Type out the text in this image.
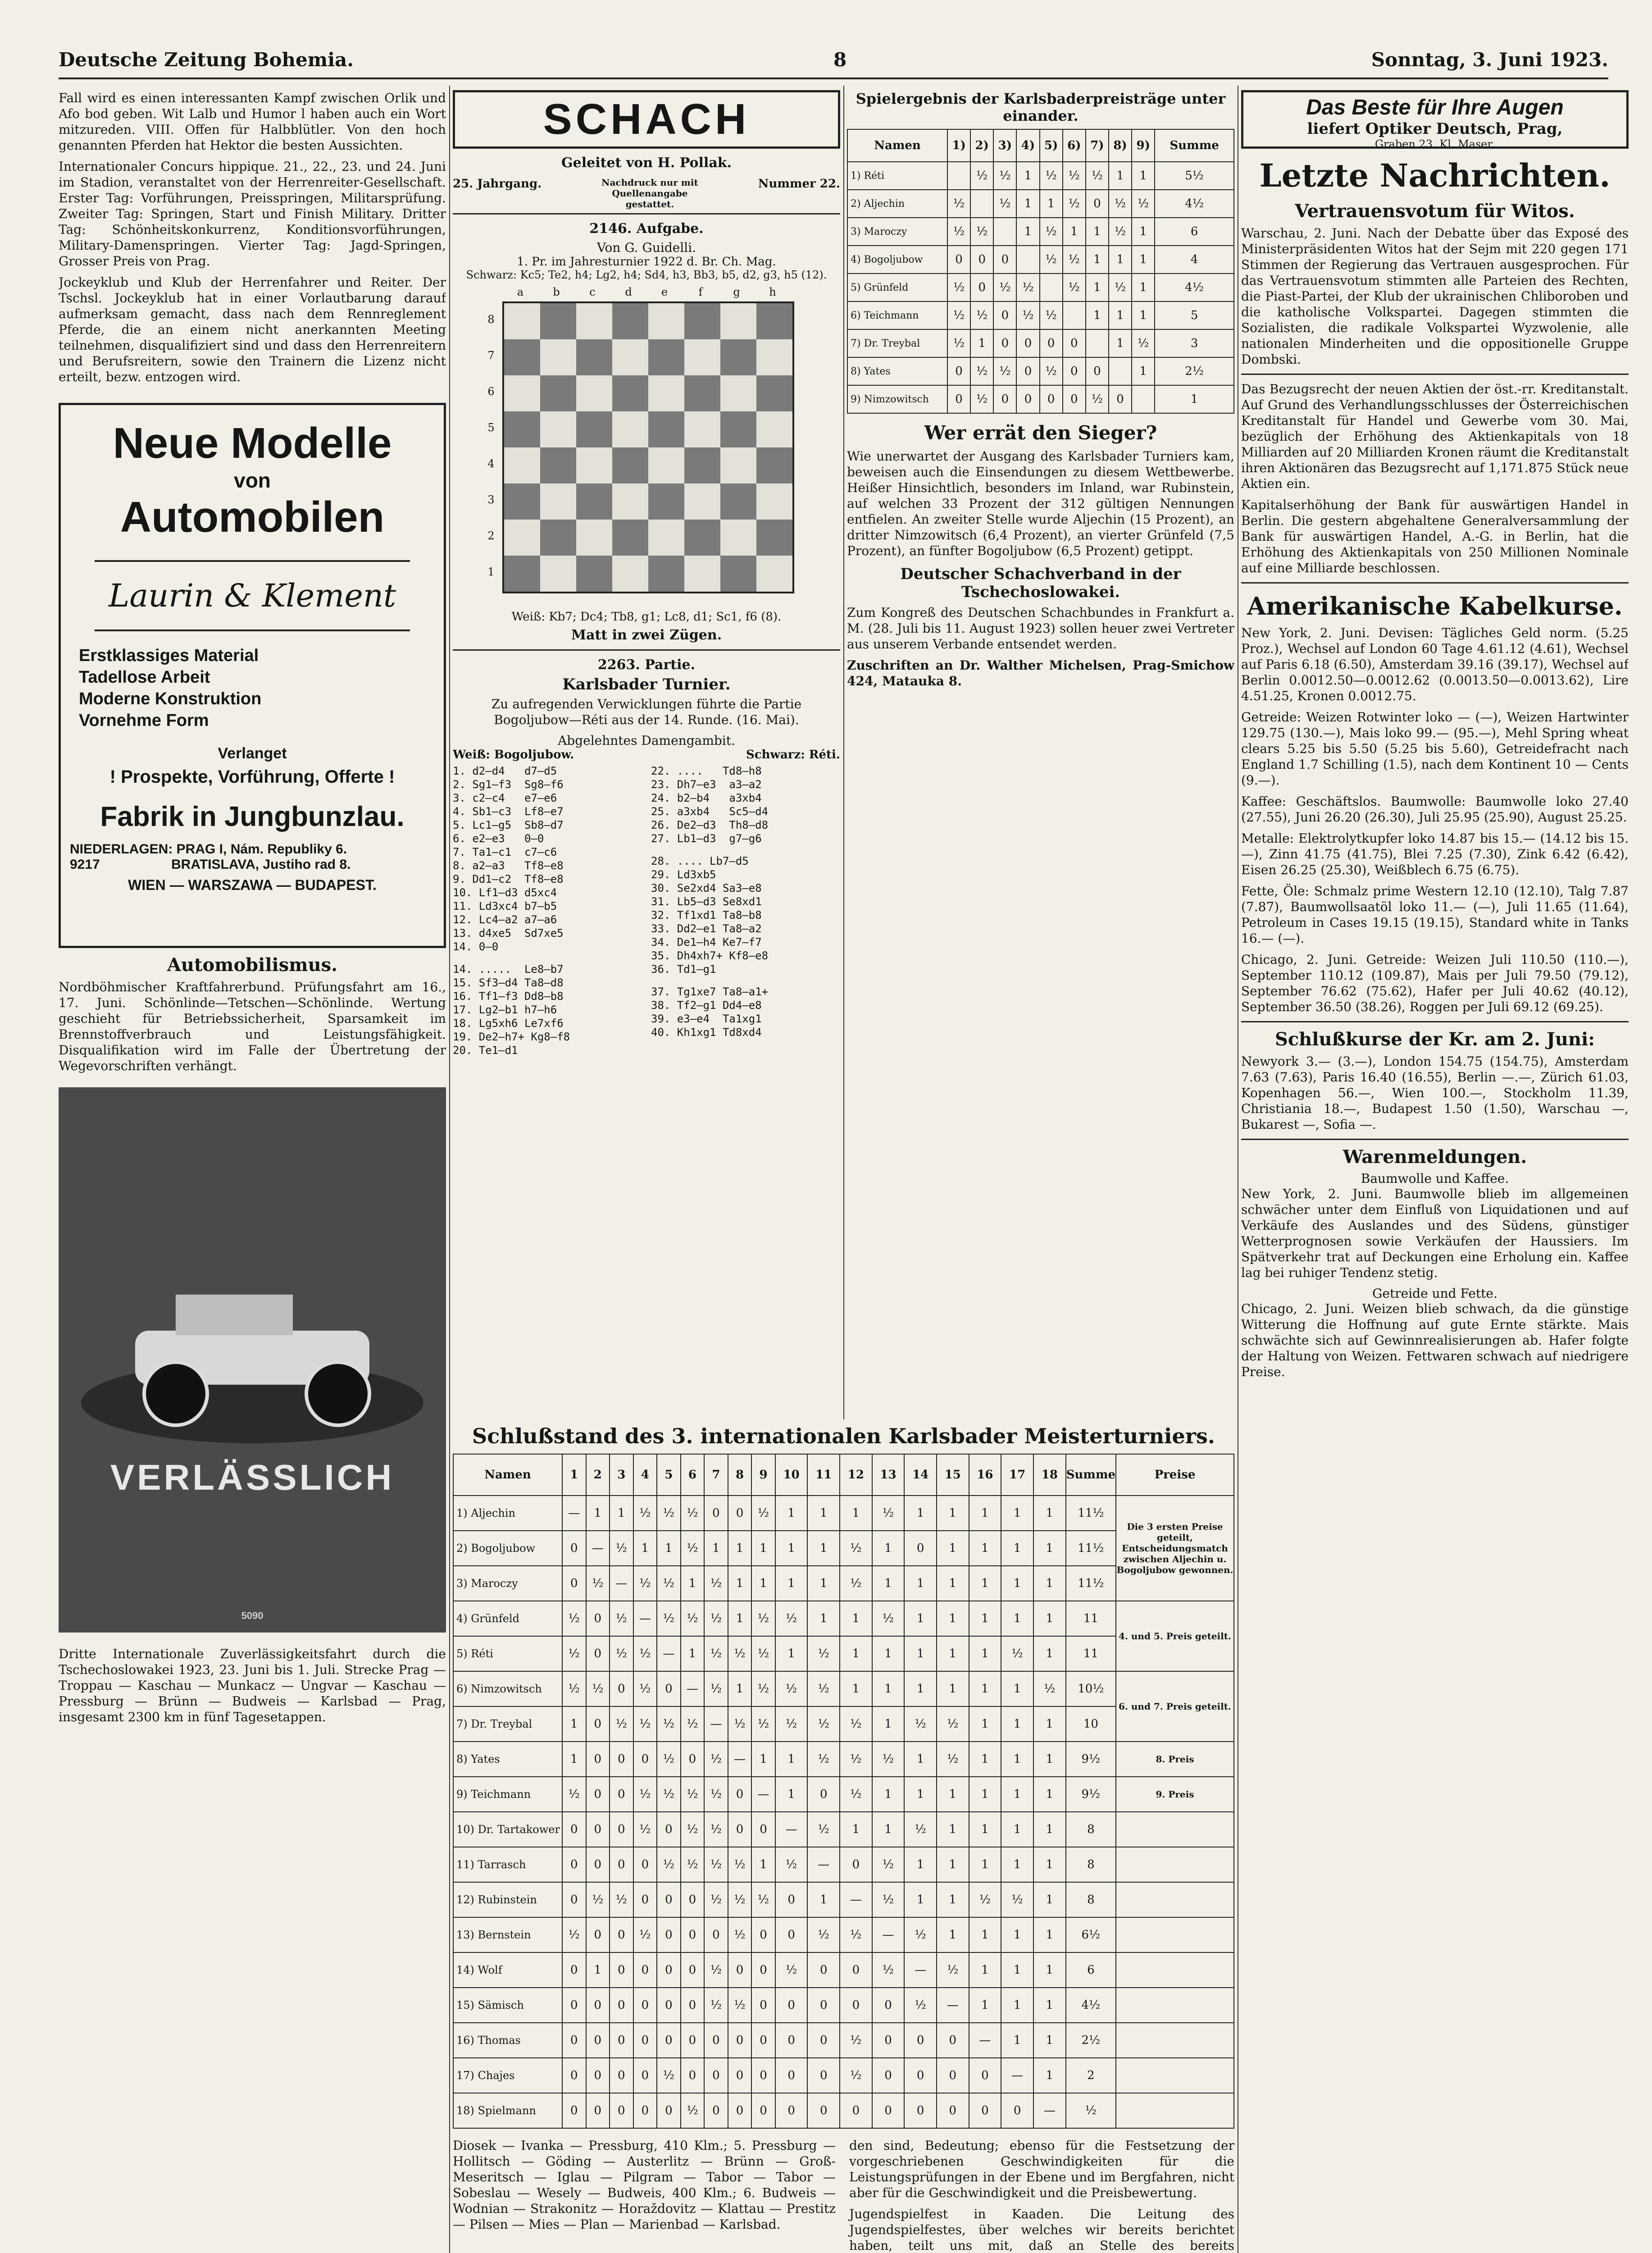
Deutsche Zeitung Bohemia.	8	Sonntag, 3. Juni 1923.

Fall wird es einen interessanten Kampf zwischen Orlik und Afo bod geben. Wit Lalb und Humor l haben auch ein Wort mitzureden. VIII. Offen für Halbblütler. Von den hoch genannten Pferden hat Hektor die besten Aussichten.

Internationaler Concurs hippique. 21., 22., 23. und 24. Juni im Stadion, veranstaltet von der Herrenreiter-Gesellschaft. Erster Tag: Vorführungen, Preisspringen, Militarsprüfung. Zweiter Tag: Springen, Start und Finish Military. Dritter Tag: Schönheitskonkurrenz, Konditionsvorführungen, Military-Damenspringen. Vierter Tag: Jagd-Springen, Grosser Preis von Prag.

Jockeyklub und Klub der Herrenfahrer und Reiter. Der Tschsl. Jockeyklub hat in einer Vorlautbarung darauf aufmerksam gemacht, dass nach dem Rennreglement Pferde, die an einem nicht anerkannten Meeting teilnehmen, disqualifiziert sind und dass den Herrenreitern und Berufsreitern, sowie den Trainern die Lizenz nicht erteilt, bezw. entzogen wird.

Neue Modelle
von
Automobilen
Laurin & Klement
Erstklassiges Material
Tadellose Arbeit
Moderne Konstruktion
Vornehme Form
Verlanget
! Prospekte, Vorführung, Offerte !
Fabrik in Jungbunzlau.
NIEDERLAGEN: PRAG I, Nám. Republiky 6.
9217	BRATISLAVA, Justiho rad 8.
WIEN — WARSZAWA — BUDAPEST.
Automobilismus.

Nordböhmischer Kraftfahrerbund. Prüfungsfahrt am 16., 17. Juni. Schönlinde—Tetschen—Schönlinde. Wertung geschieht für Betriebssicherheit, Sparsamkeit im Brennstoffverbrauch und Leistungsfähigkeit. Disqualifikation wird im Falle der Übertretung der Wegevorschriften verhängt.

VERLÄSSLICH
5090

Dritte Internationale Zuverlässigkeitsfahrt durch die Tschechoslowakei 1923, 23. Juni bis 1. Juli. Strecke Prag — Troppau — Kaschau — Munkacz — Ungvar — Kaschau — Pressburg — Brünn — Budweis — Karlsbad — Prag, insgesamt 2300 km in fünf Tagesetappen.

SCHACH
Geleitet von H. Pollak.
25. Jahrgang.	Nachdruck nur mit Quellenangabe gestattet.
Nummer 22.
2146. Aufgabe.
Von G. Guidelli.
1. Pr. im Jahresturnier 1922 d. Br. Ch. Mag.
Schwarz: Kc5; Te2, h4; Lg2, h4; Sd4, h3, Bb3, b5, d2, g3, h5 (12).
a	b	c	d	e	f	g	h
8
7
6
5
4
3
2
1
Weiß: Kb7; Dc4; Tb8, g1; Lc8, d1; Sc1, f6 (8).
Matt in zwei Zügen.
2263. Partie.
Karlsbader Turnier.

Zu aufregenden Verwicklungen führte die Partie Bogoljubow—Réti aus der 14. Runde. (16. Mai).

Abgelehntes Damengambit.
Weiß: Bogoljubow.	Schwarz: Réti.
1. d2—d4   d7—d5
2. Sg1—f3  Sg8—f6
3. c2—c4   e7—e6
4. Sb1—c3  Lf8—e7
5. Lc1—g5  Sb8—d7
6. e2—e3   0—0
7. Ta1—c1  c7—c6
8. a2—a3   Tf8—e8
9. Dd1—c2  Tf8—e8
10. Lf1—d3 d5xc4
11. Ld3xc4 b7—b5
12. Lc4—a2 a7—a6
13. d4xe5  Sd7xe5
14. 0—0
14. .....  Le8—b7
15. Sf3—d4 Ta8—d8
16. Tf1—f3 Dd8—b8
17. Lg2—b1 h7—h6
18. Lg5xh6 Le7xf6
19. De2—h7+ Kg8—f8
20. Te1—d1
22. ....   Td8—h8
23. Dh7—e3  a3—a2
24. b2—b4   a3xb4
25. a3xb4   Sc5—d4
26. De2—d3  Th8—d8
27. Lb1—d3  g7—g6
28. .... Lb7—d5
29. Ld3xb5
30. Se2xd4 Sa3—e8
31. Lb5—d3 Se8xd1
32. Tf1xd1 Ta8—b8
33. Dd2—e1 Ta8—a2
34. De1—h4 Ke7—f7
35. Dh4xh7+ Kf8—e8
36. Td1—g1
37. Tg1xe7 Ta8—a1+
38. Tf2—g1 Dd4—e8
39. e3—e4  Ta1xg1
40. Kh1xg1 Td8xd4
Spielergebnis der Karlsbaderpreisträge unter einander.
Namen	1)	2)	3)	4)	5)	6)	7)	8)	9)	Summe
1) Réti		½	½	1	½	½	½	1	1	5½
2) Aljechin	½		½	1	1	½	0	½	½	4½
3) Maroczy	½	½		1	½	1	1	½	1	6
4) Bogoljubow	0	0	0		½	½	1	1	1	4
5) Grünfeld	½	0	½	½		½	1	½	1	4½
6) Teichmann	½	½	0	½	½		1	1	1	5
7) Dr. Treybal	½	1	0	0	0	0		1	½	3
8) Yates	0	½	½	0	½	0	0		1	2½
9) Nimzowitsch	0	½	0	0	0	0	½	0		1
Wer errät den Sieger?

Wie unerwartet der Ausgang des Karlsbader Turniers kam, beweisen auch die Einsendungen zu diesem Wettbewerbe. Heißer Hinsichtlich, besonders im Inland, war Rubinstein, auf welchen 33 Prozent der 312 gültigen Nennungen entfielen. An zweiter Stelle wurde Aljechin (15 Prozent), an dritter Nimzowitsch (6,4 Prozent), an vierter Grünfeld (7,5 Prozent), an fünfter Bogoljubow (6,5 Prozent) getippt.

Deutscher Schachverband in der Tschechoslowakei.

Zum Kongreß des Deutschen Schachbundes in Frankfurt a. M. (28. Juli bis 11. August 1923) sollen heuer zwei Vertreter aus unserem Verbande entsendet werden.

Zuschriften an Dr. Walther Michelsen, Prag-Smichow 424, Matauka 8.

Schlußstand des 3. internationalen Karlsbader Meisterturniers.
Namen	1	2	3	4	5	6	7	8	9	10	11	12	13	14	15	16	17	18	Summe	Preise
1) Aljechin	—	1	1	½	½	½	0	0	½	1	1	1	½	1	1	1	1	1	11½	Die 3 ersten Preise geteilt, Entscheidungsmatch zwischen Aljechin u. Bogoljubow gewonnen.
2) Bogoljubow	0	—	½	1	1	½	1	1	1	1	1	½	1	0	1	1	1	1	11½	
3) Maroczy	0	½	—	½	½	1	½	1	1	1	1	½	1	1	1	1	1	1	11½	
4) Grünfeld	½	0	½	—	½	½	½	1	½	½	1	1	½	1	1	1	1	1	11	4. und 5. Preis geteilt.
5) Réti	½	0	½	½	—	1	½	½	½	1	½	1	1	1	1	1	½	1	11	
6) Nimzowitsch	½	½	0	½	0	—	½	1	½	½	½	1	1	1	1	1	1	½	10½	6. und 7. Preis geteilt.
7) Dr. Treybal	1	0	½	½	½	½	—	½	½	½	½	½	1	½	½	1	1	1	10	
8) Yates	1	0	0	0	½	0	½	—	1	1	½	½	½	1	½	1	1	1	9½	8. Preis
9) Teichmann	½	0	0	½	½	½	½	0	—	1	0	½	1	1	1	1	1	1	9½	9. Preis
10) Dr. Tartakower	0	0	0	½	0	½	½	0	0	—	½	1	1	½	1	1	1	1	8	
11) Tarrasch	0	0	0	0	½	½	½	½	1	½	—	0	½	1	1	1	1	1	8	
12) Rubinstein	0	½	½	0	0	0	½	½	½	0	1	—	½	1	1	½	½	1	8	
13) Bernstein	½	0	0	½	0	0	0	½	0	0	½	½	—	½	1	1	1	1	6½	
14) Wolf	0	1	0	0	0	0	½	0	0	½	0	0	½	—	½	1	1	1	6	
15) Sämisch	0	0	0	0	0	0	½	½	0	0	0	0	0	½	—	1	1	1	4½	
16) Thomas	0	0	0	0	0	0	0	0	0	0	0	½	0	0	0	—	1	1	2½	
17) Chajes	0	0	0	0	½	0	0	0	0	0	0	½	0	0	0	0	—	1	2	
18) Spielmann	0	0	0	0	0	½	0	0	0	0	0	0	0	0	0	0	0	—	½	

Diosek — Ivanka — Pressburg, 410 Klm.; 5. Pressburg — Hollitsch — Göding — Austerlitz — Brünn — Groß-Meseritsch — Iglau — Pilgram — Tabor — Tabor — Sobeslau — Wesely — Budweis, 400 Klm.; 6. Budweis — Wodnian — Strakonitz — Horaždovitz — Klattau — Prestitz — Pilsen — Mies — Plan — Marienbad — Karlsbad.

den sind, Bedeutung; ebenso für die Festsetzung der vorgeschriebenen Geschwindigkeiten für die Leistungsprüfungen in der Ebene und im Bergfahren, nicht aber für die Geschwindigkeit und die Preisbewertung.

Jugendspielfest in Kaaden. Die Leitung des Jugendspielfestes, über welches wir bereits berichtet haben, teilt uns mit, daß an Stelle des bereits

Das Beste für Ihre Augen
liefert Optiker Deutsch, Prag,
Graben 23. Kl. Maser.
Letzte Nachrichten.
Vertrauensvotum für Witos.

Warschau, 2. Juni. Nach der Debatte über das Exposé des Ministerpräsidenten Witos hat der Sejm mit 220 gegen 171 Stimmen der Regierung das Vertrauen ausgesprochen. Für das Vertrauensvotum stimmten alle Parteien des Rechten, die Piast-Partei, der Klub der ukrainischen Chliboroben und die katholische Volkspartei. Dagegen stimmten die Sozialisten, die radikale Volkspartei Wyzwolenie, alle nationalen Minderheiten und die oppositionelle Gruppe Dombski.

Das Bezugsrecht der neuen Aktien der öst.-rr. Kreditanstalt. Auf Grund des Verhandlungsschlusses der Österreichischen Kreditanstalt für Handel und Gewerbe vom 30. Mai, bezüglich der Erhöhung des Aktienkapitals von 18 Milliarden auf 20 Milliarden Kronen räumt die Kreditanstalt ihren Aktionären das Bezugsrecht auf 1,171.875 Stück neue Aktien ein.

Kapitalserhöhung der Bank für auswärtigen Handel in Berlin. Die gestern abgehaltene Generalversammlung der Bank für auswärtigen Handel, A.-G. in Berlin, hat die Erhöhung des Aktienkapitals von 250 Millionen Nominale auf eine Milliarde beschlossen.

Amerikanische Kabelkurse.

New York, 2. Juni. Devisen: Tägliches Geld norm. (5.25 Proz.), Wechsel auf London 60 Tage 4.61.12 (4.61), Wechsel auf Paris 6.18 (6.50), Amsterdam 39.16 (39.17), Wechsel auf Berlin 0.0012.50—0.0012.62 (0.0013.50—0.0013.62), Lire 4.51.25, Kronen 0.0012.75.

Getreide: Weizen Rotwinter loko — (—), Weizen Hartwinter 129.75 (130.—), Mais loko 99.— (95.—), Mehl Spring wheat clears 5.25 bis 5.50 (5.25 bis 5.60), Getreidefracht nach England 1.7 Schilling (1.5), nach dem Kontinent 10 — Cents (9.—).

Kaffee: Geschäftslos. Baumwolle: Baumwolle loko 27.40 (27.55), Juni 26.20 (26.30), Juli 25.95 (25.90), August 25.25.

Metalle: Elektrolytkupfer loko 14.87 bis 15.— (14.12 bis 15.—), Zinn 41.75 (41.75), Blei 7.25 (7.30), Zink 6.42 (6.42), Eisen 26.25 (25.30), Weißblech 6.75 (6.75).

Fette, Öle: Schmalz prime Western 12.10 (12.10), Talg 7.87 (7.87), Baumwollsaatöl loko 11.— (—), Juli 11.65 (11.64), Petroleum in Cases 19.15 (19.15), Standard white in Tanks 16.— (—).

Chicago, 2. Juni. Getreide: Weizen Juli 110.50 (110.—), September 110.12 (109.87), Mais per Juli 79.50 (79.12), September 76.62 (75.62), Hafer per Juli 40.62 (40.12), September 36.50 (38.26), Roggen per Juli 69.12 (69.25).

Schlußkurse der Kr. am 2. Juni:

Newyork 3.— (3.—), London 154.75 (154.75), Amsterdam 7.63 (7.63), Paris 16.40 (16.55), Berlin —.—, Zürich 61.03, Kopenhagen 56.—, Wien 100.—, Stockholm 11.39, Christiania 18.—, Budapest 1.50 (1.50), Warschau —, Bukarest —, Sofia —.

Warenmeldungen.
Baumwolle und Kaffee.

New York, 2. Juni. Baumwolle blieb im allgemeinen schwächer unter dem Einfluß von Liquidationen und auf Verkäufe des Auslandes und des Südens, günstiger Wetterprognosen sowie Verkäufen der Haussiers. Im Spätverkehr trat auf Deckungen eine Erholung ein. Kaffee lag bei ruhiger Tendenz stetig.

Getreide und Fette.

Chicago, 2. Juni. Weizen blieb schwach, da die günstige Witterung die Hoffnung auf gute Ernte stärkte. Mais schwächte sich auf Gewinnrealisierungen ab. Hafer folgte der Haltung von Weizen. Fettwaren schwach auf niedrigere Preise.
